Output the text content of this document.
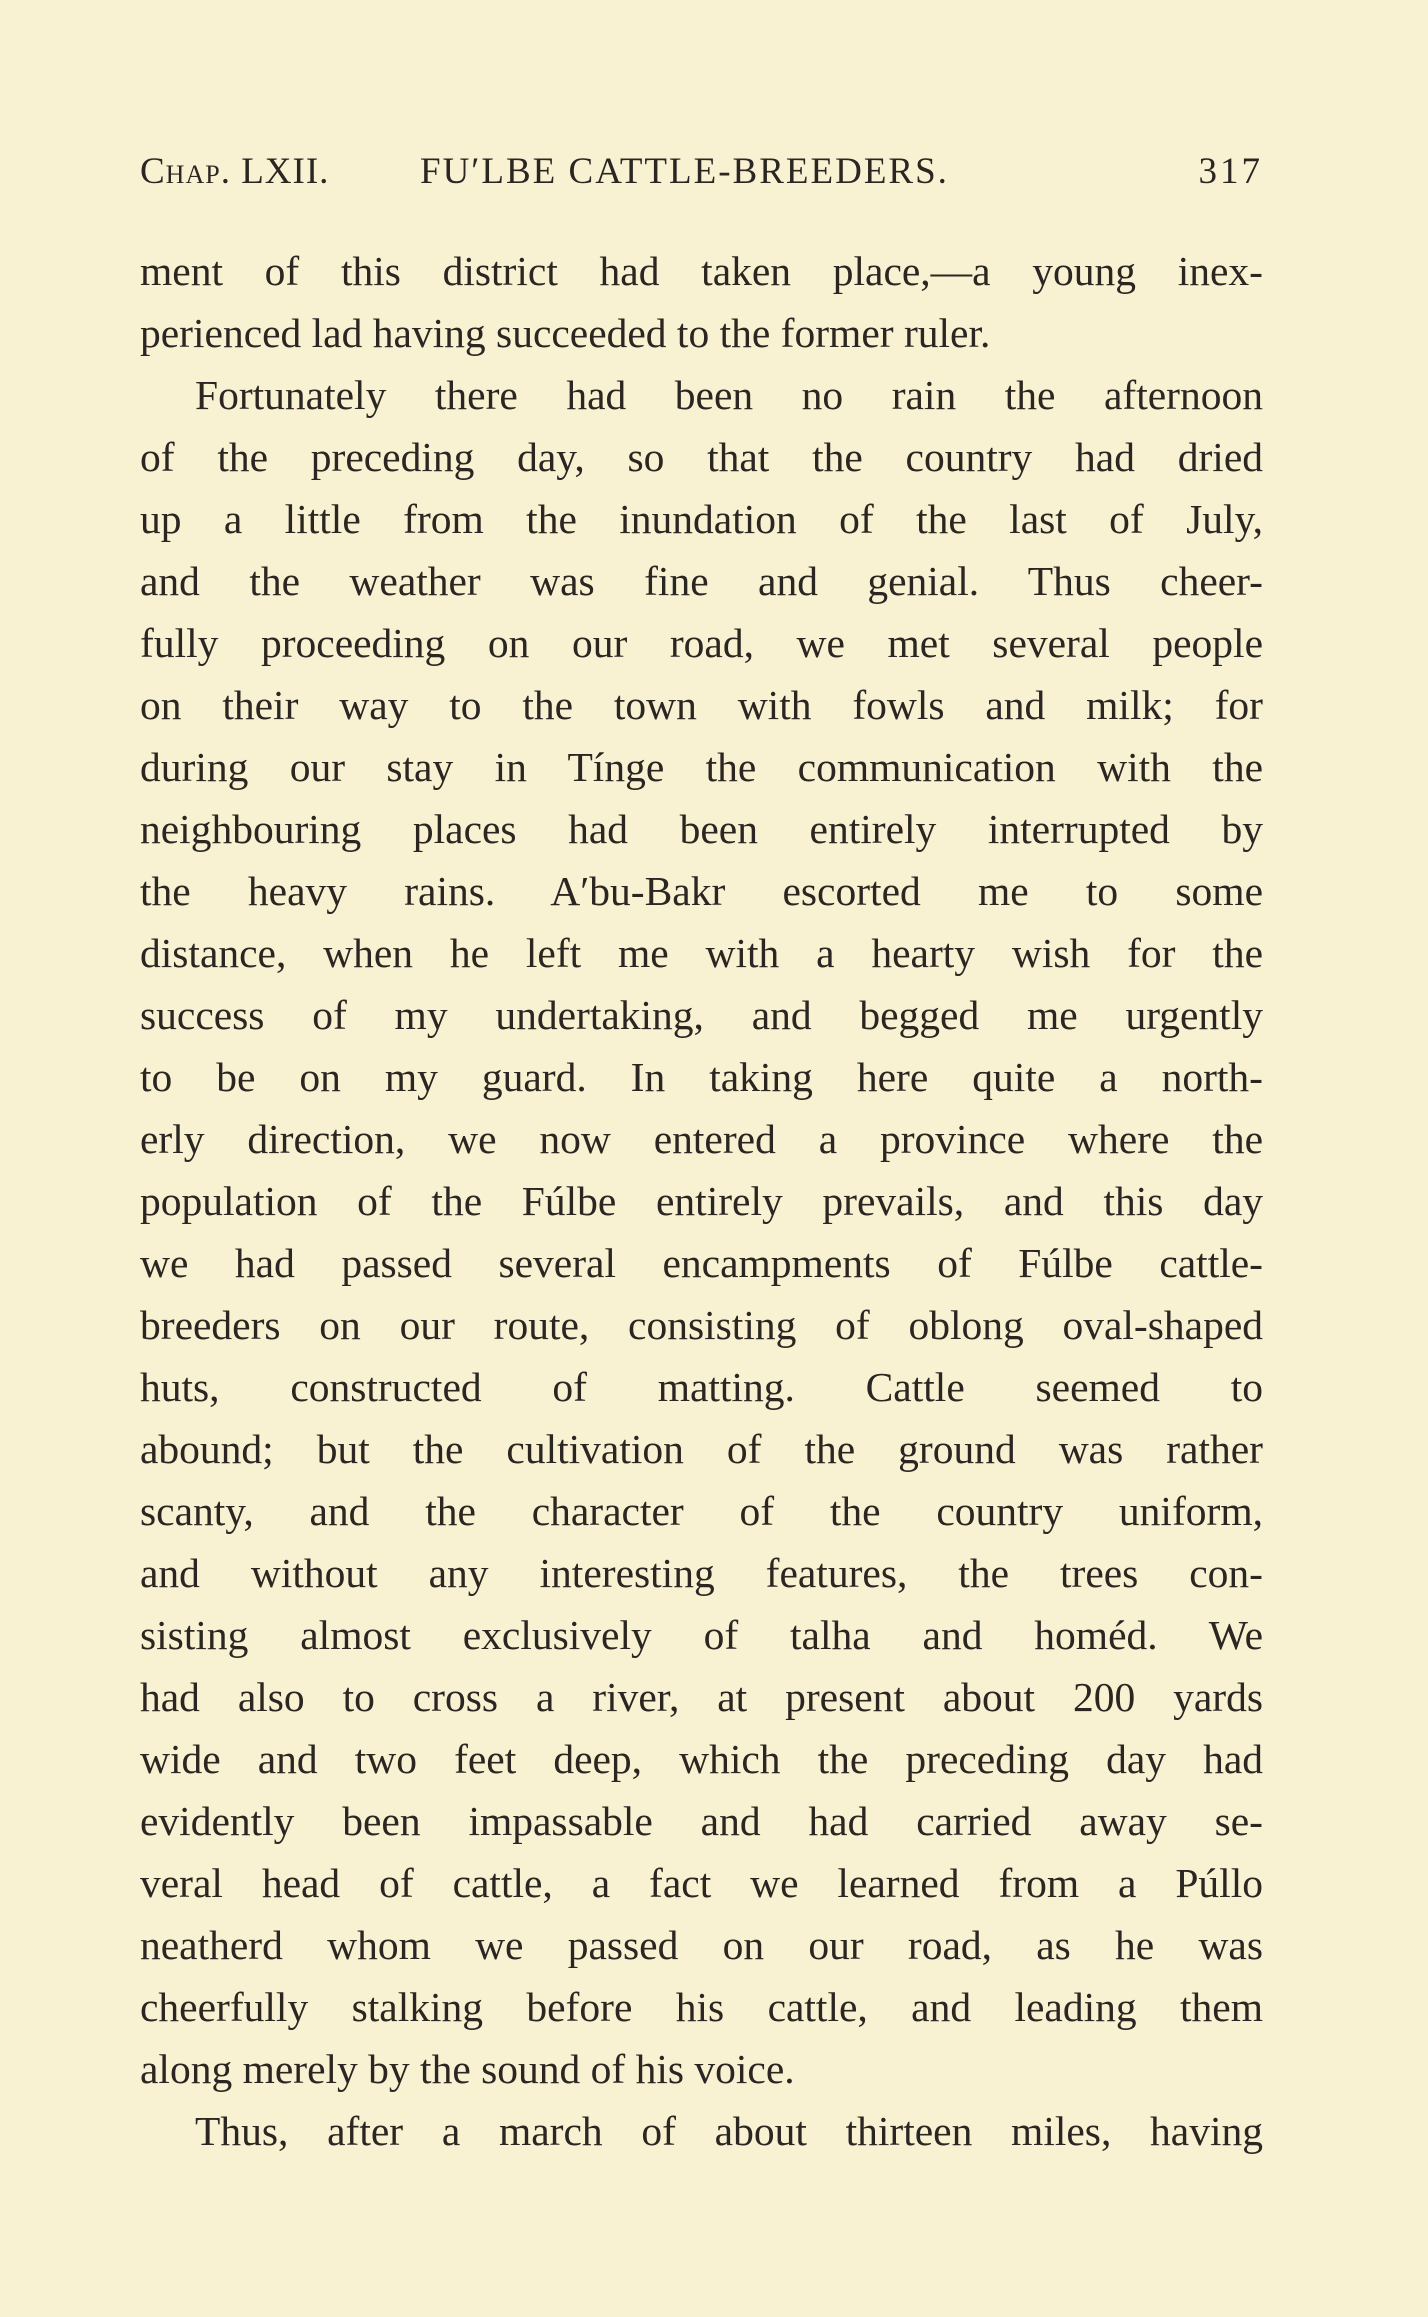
Chap. LXII. FU′LBE CATTLE-BREEDERS.	317
ment of this district had taken place,—a young inex-
perienced lad having succeeded to the former ruler.
Fortunately there had been no rain the afternoon
of the preceding day, so that the country had dried
up a little from the inundation of the last of July,
and the weather was fine and genial. Thus cheer-
fully proceeding on our road, we met several people
on their way to the town with fowls and milk; for
during our stay in Tínge the communication with the
neighbouring places had been entirely interrupted by
the heavy rains. A′bu-Bakr escorted me to some
distance, when he left me with a hearty wish for the
success of my undertaking, and begged me urgently
to be on my guard. In taking here quite a north-
erly direction, we now entered a province where the
population of the Fúlbe entirely prevails, and this day
we had passed several encampments of Fúlbe cattle-
breeders on our route, consisting of oblong oval-shaped
huts, constructed of matting. Cattle seemed to
abound; but the cultivation of the ground was rather
scanty, and the character of the country uniform,
and without any interesting features, the trees con-
sisting almost exclusively of talha and homéd. We
had also to cross a river, at present about 200 yards
wide and two feet deep, which the preceding day had
evidently been impassable and had carried away se-
veral head of cattle, a fact we learned from a Púllo
neatherd whom we passed on our road, as he was
cheerfully stalking before his cattle, and leading them
along merely by the sound of his voice.
Thus, after a march of about thirteen miles, having
